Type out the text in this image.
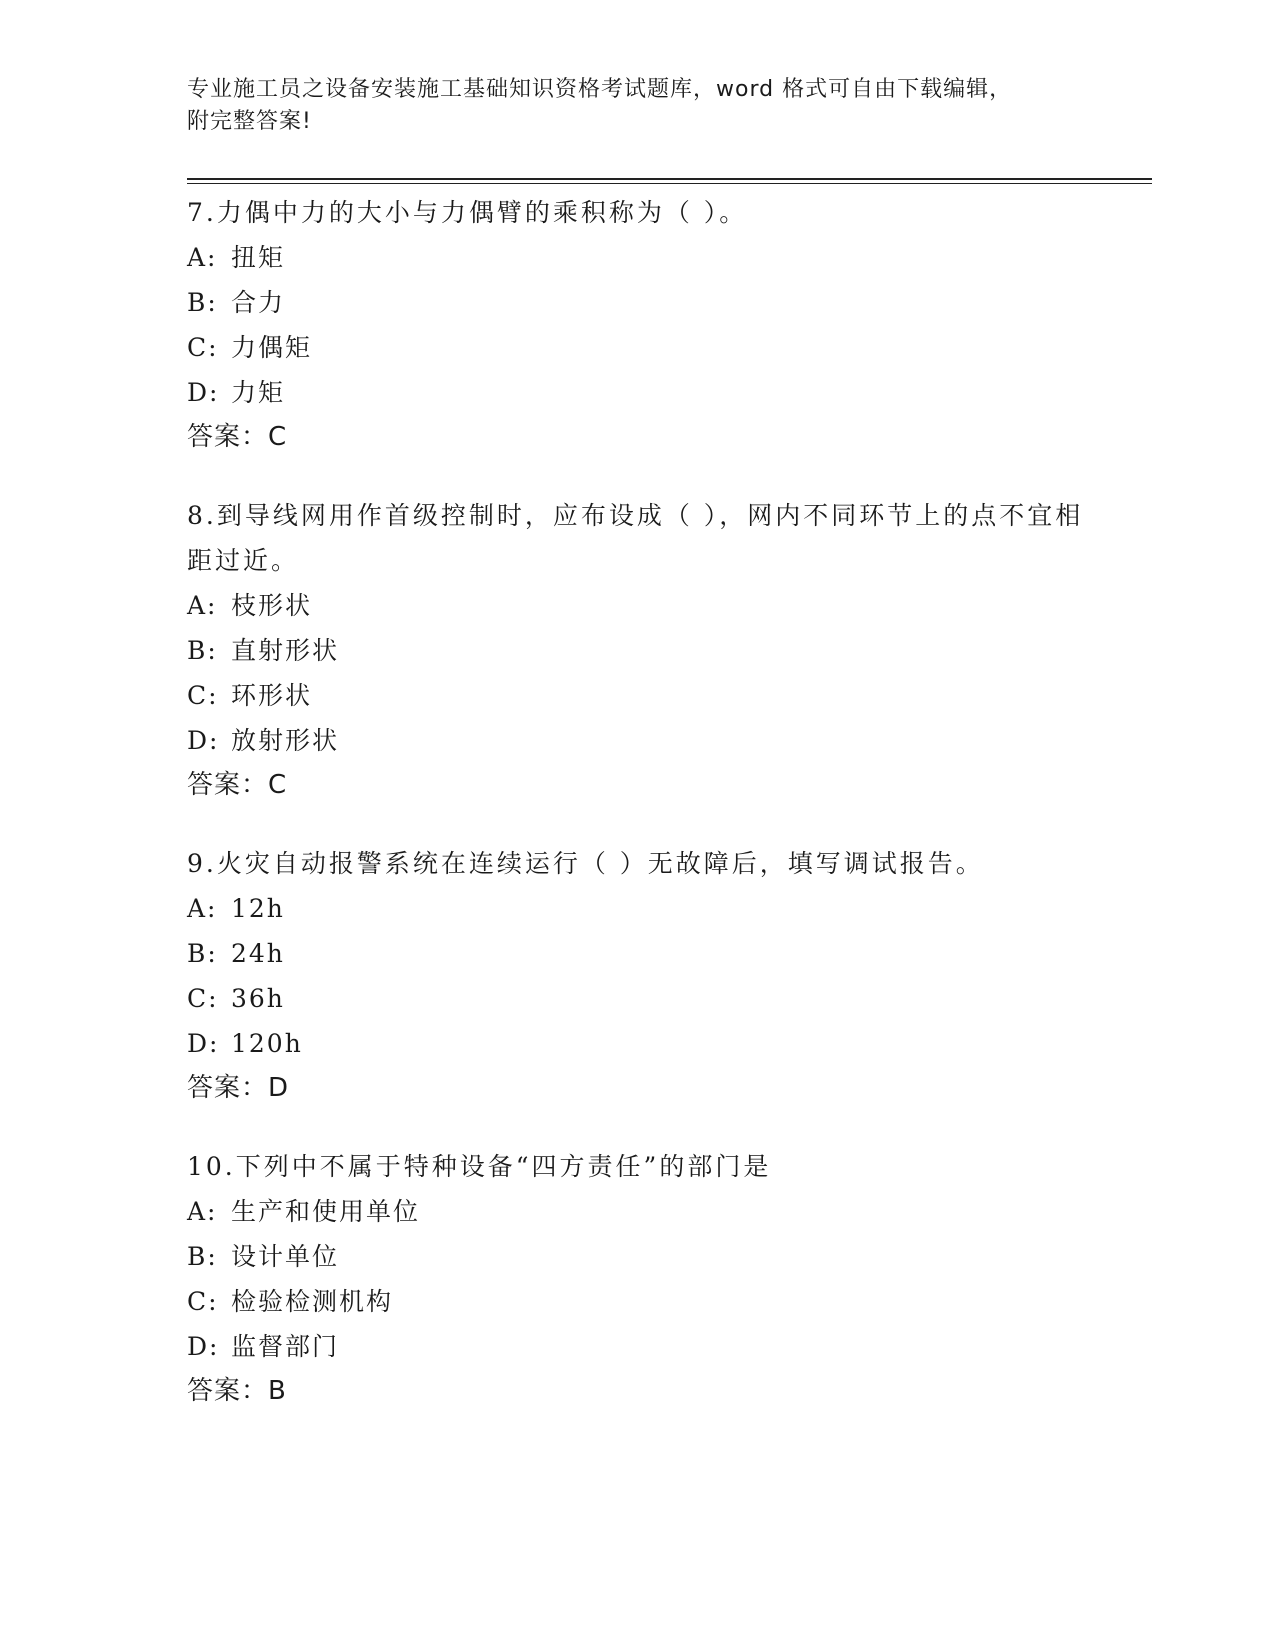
专业施工员之设备安装施工基础知识资格考试题库，word 格式可自由下载编辑，
附完整答案!

7.力偶中力的大小与力偶臂的乘积称为（ ）。

A: 扭矩

B: 合力

C: 力偶矩

D: 力矩

答案：C

8.到导线网用作首级控制时，应布设成（ ），网内不同环节上的点不宜相距过近。

A: 枝形状

B: 直射形状

C: 环形状

D: 放射形状

答案：C

9.火灾自动报警系统在连续运行（ ）无故障后，填写调试报告。

A: 12h

B: 24h

C: 36h

D: 120h

答案：D

10.下列中不属于特种设备“四方责任”的部门是

A: 生产和使用单位

B: 设计单位

C: 检验检测机构

D: 监督部门

答案：B
